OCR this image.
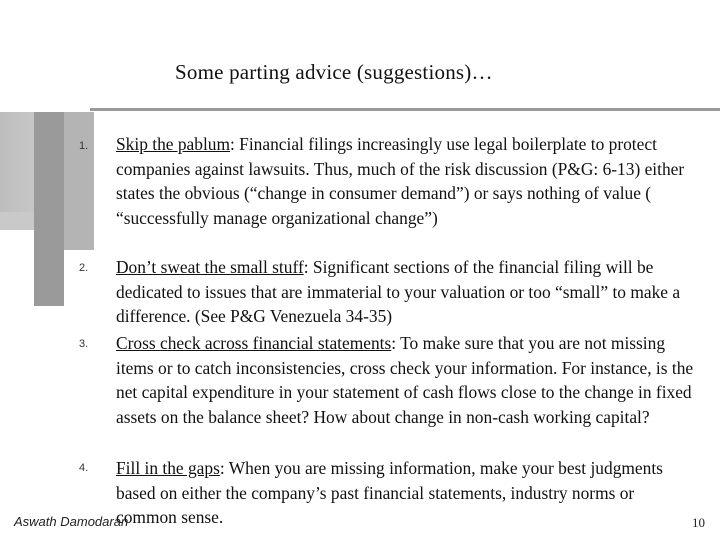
Some parting advice (suggestions)…
1. Skip the pablum: Financial filings increasingly use legal boilerplate to protect companies against lawsuits. Thus, much of the risk discussion (P&G: 6-13) either states the obvious (“change in consumer demand”) or says nothing of value ( “successfully manage organizational change”)
2. Don’t sweat the small stuff: Significant sections of the financial filing will be dedicated to issues that are immaterial to your valuation or too “small” to make a difference. (See P&G Venezuela 34-35)
3. Cross check across financial statements: To make sure that you are not missing items or to catch inconsistencies, cross check your information. For instance, is the net capital expenditure in your statement of cash flows close to the change in fixed assets on the balance sheet? How about change in non-cash working capital?
4. Fill in the gaps: When you are missing information, make your best judgments based on either the company’s past financial statements, industry norms or common sense.
Aswath Damodaran	10
